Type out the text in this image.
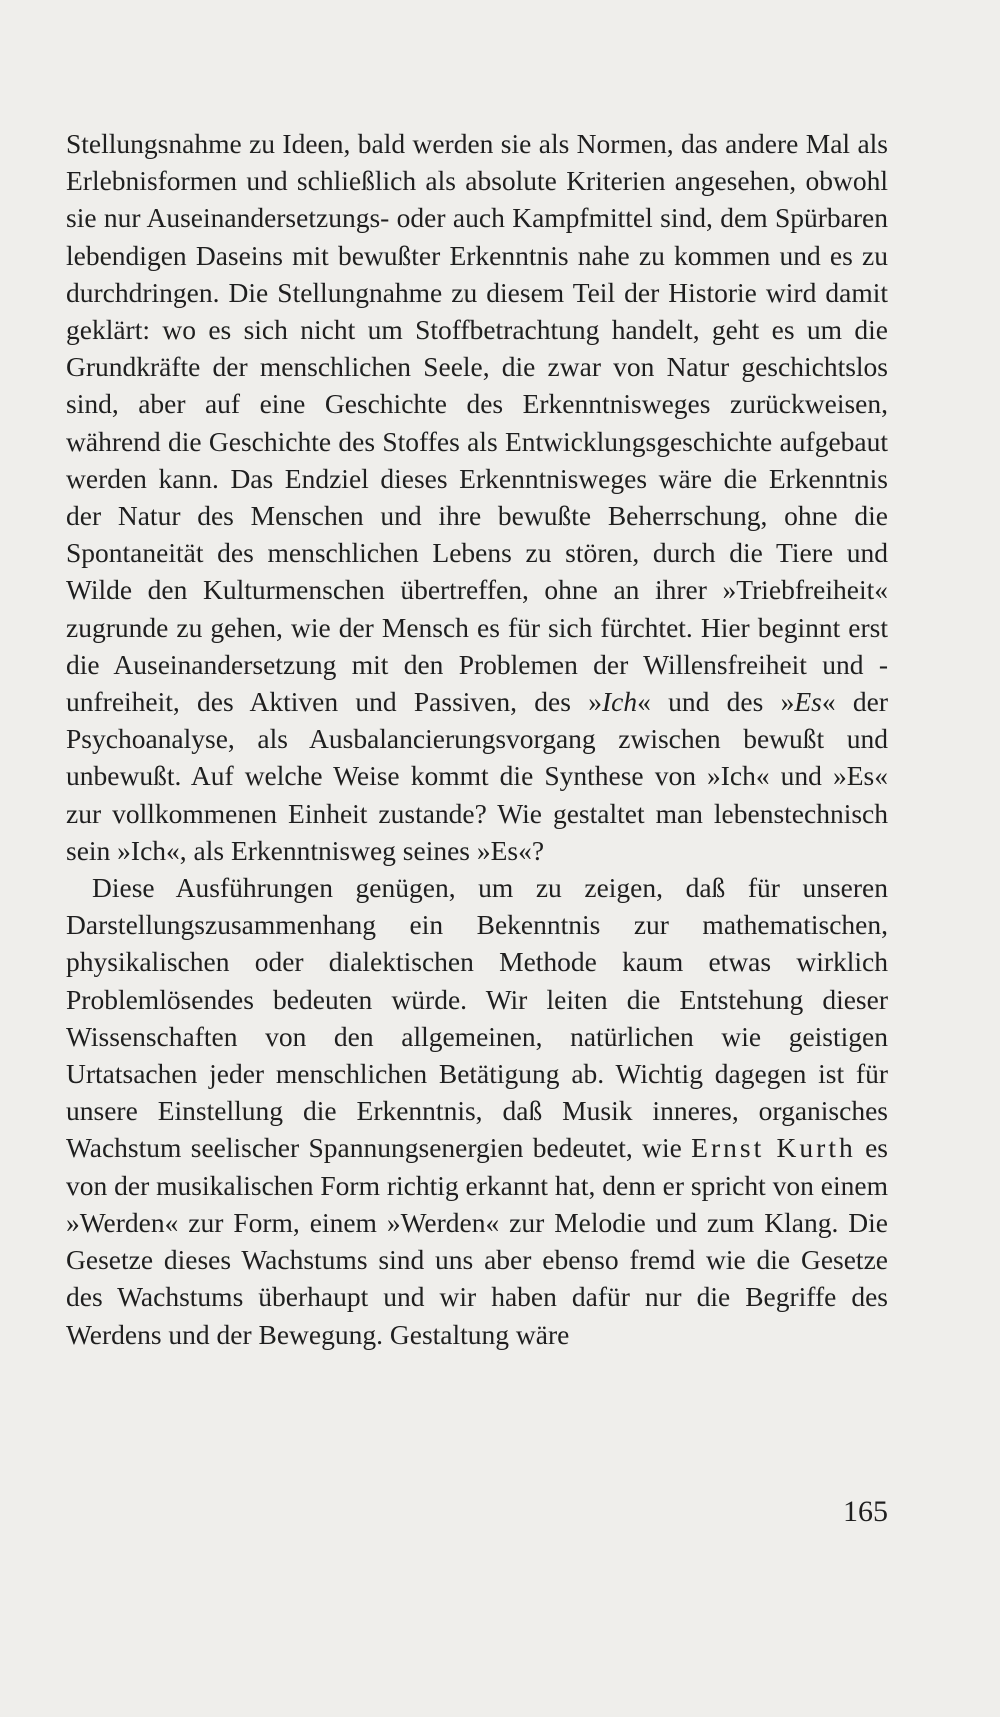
Stellungsnahme zu Ideen, bald werden sie als Normen, das andere Mal als Erlebnisformen und schließlich als absolute Kriterien angesehen, obwohl sie nur Auseinandersetzungs- oder auch Kampfmittel sind, dem Spürbaren lebendigen Daseins mit bewußter Erkenntnis nahe zu kommen und es zu durchdringen. Die Stellungnahme zu diesem Teil der Historie wird damit geklärt: wo es sich nicht um Stoffbetrachtung handelt, geht es um die Grundkräfte der menschlichen Seele, die zwar von Natur geschichtslos sind, aber auf eine Geschichte des Erkenntnisweges zurückweisen, während die Geschichte des Stoffes als Entwicklungsgeschichte aufgebaut werden kann. Das Endziel dieses Erkenntnisweges wäre die Erkenntnis der Natur des Menschen und ihre bewußte Beherrschung, ohne die Spontaneität des menschlichen Lebens zu stören, durch die Tiere und Wilde den Kulturmenschen übertreffen, ohne an ihrer »Triebfreiheit« zugrunde zu gehen, wie der Mensch es für sich fürchtet. Hier beginnt erst die Auseinandersetzung mit den Problemen der Willensfreiheit und -unfreiheit, des Aktiven und Passiven, des »Ich« und des »Es« der Psychoanalyse, als Ausbalancierungsvorgang zwischen bewußt und unbewußt. Auf welche Weise kommt die Synthese von »Ich« und »Es« zur vollkommenen Einheit zustande? Wie gestaltet man lebenstechnisch sein »Ich«, als Erkenntnisweg seines »Es«?

Diese Ausführungen genügen, um zu zeigen, daß für unseren Darstellungszusammenhang ein Bekenntnis zur mathematischen, physikalischen oder dialektischen Methode kaum etwas wirklich Problemlösendes bedeuten würde. Wir leiten die Entstehung dieser Wissenschaften von den allgemeinen, natürlichen wie geistigen Urtatsachen jeder menschlichen Betätigung ab. Wichtig dagegen ist für unsere Einstellung die Erkenntnis, daß Musik inneres, organisches Wachstum seelischer Spannungsenergien bedeutet, wie Ernst Kurth es von der musikalischen Form richtig erkannt hat, denn er spricht von einem »Werden« zur Form, einem »Werden« zur Melodie und zum Klang. Die Gesetze dieses Wachstums sind uns aber ebenso fremd wie die Gesetze des Wachstums überhaupt und wir haben dafür nur die Begriffe des Werdens und der Bewegung. Gestaltung wäre

165
